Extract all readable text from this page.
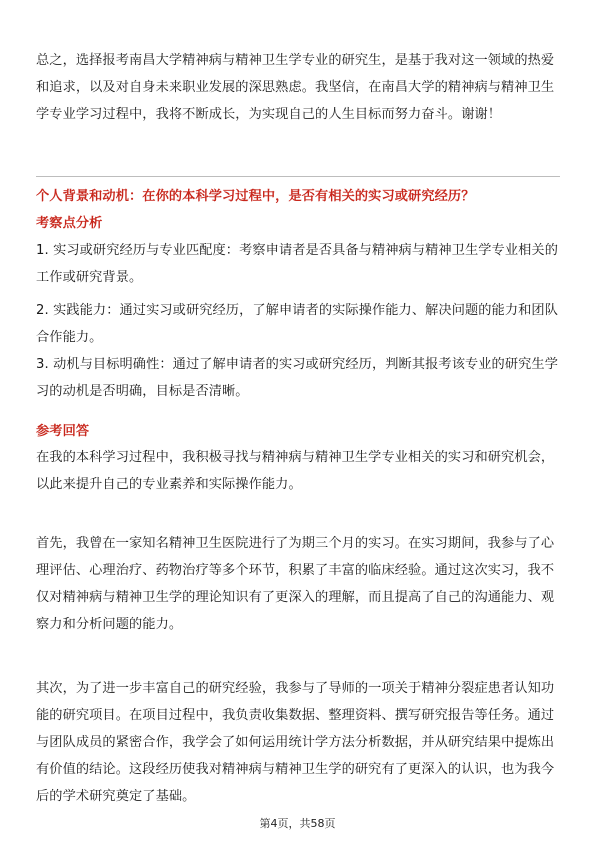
总之，选择报考南昌大学精神病与精神卫生学专业的研究生，是基于我对这一领域的热爱和追求，以及对自身未来职业发展的深思熟虑。我坚信，在南昌大学的精神病与精神卫生学专业学习过程中，我将不断成长，为实现自己的人生目标而努力奋斗。谢谢！

个人背景和动机：在你的本科学习过程中，是否有相关的实习或研究经历？

考察点分析

1. 实习或研究经历与专业匹配度：考察申请者是否具备与精神病与精神卫生学专业相关的工作或研究背景。

2. 实践能力：通过实习或研究经历，了解申请者的实际操作能力、解决问题的能力和团队合作能力。

3. 动机与目标明确性：通过了解申请者的实习或研究经历，判断其报考该专业的研究生学习的动机是否明确，目标是否清晰。

参考回答

在我的本科学习过程中，我积极寻找与精神病与精神卫生学专业相关的实习和研究机会，以此来提升自己的专业素养和实际操作能力。

首先，我曾在一家知名精神卫生医院进行了为期三个月的实习。在实习期间，我参与了心理评估、心理治疗、药物治疗等多个环节，积累了丰富的临床经验。通过这次实习，我不仅对精神病与精神卫生学的理论知识有了更深入的理解，而且提高了自己的沟通能力、观察力和分析问题的能力。

其次，为了进一步丰富自己的研究经验，我参与了导师的一项关于精神分裂症患者认知功能的研究项目。在项目过程中，我负责收集数据、整理资料、撰写研究报告等任务。通过与团队成员的紧密合作，我学会了如何运用统计学方法分析数据，并从研究结果中提炼出有价值的结论。这段经历使我对精神病与精神卫生学的研究有了更深入的认识，也为我今后的学术研究奠定了基础。

第4页，共58页
